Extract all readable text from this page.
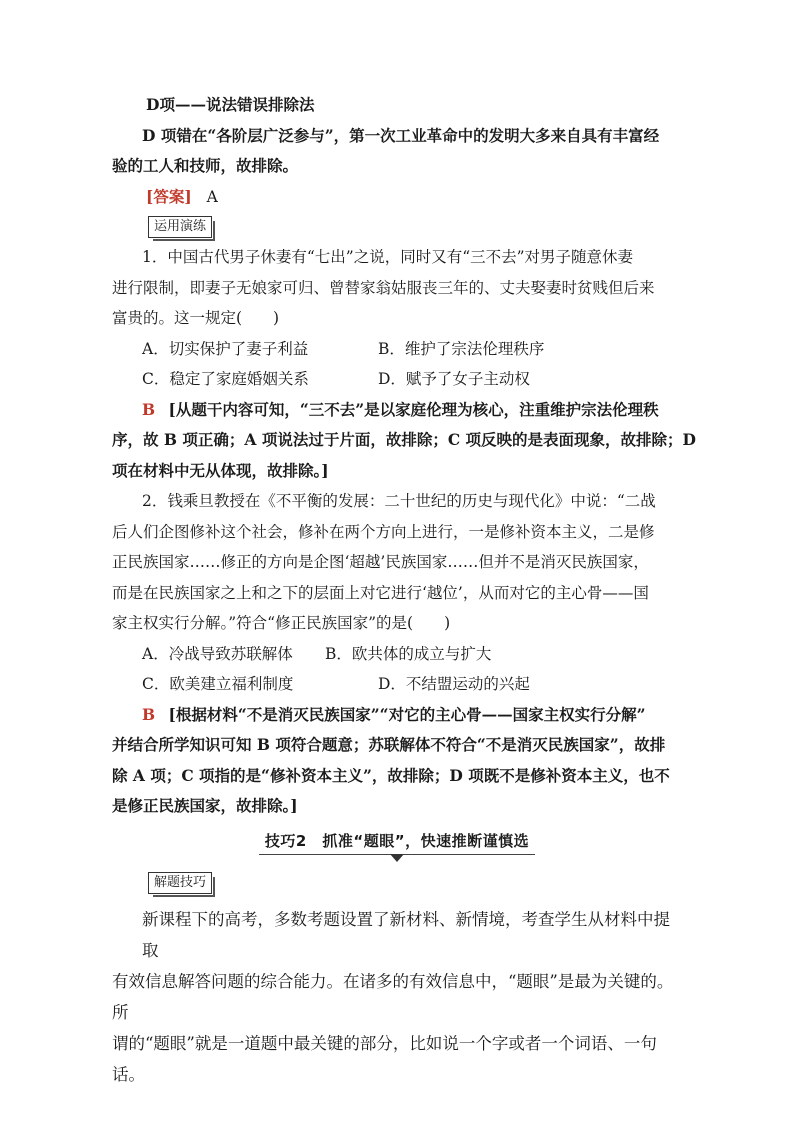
D项——说法错误排除法
D 项错在“各阶层广泛参与”，第一次工业革命中的发明大多来自具有丰富经
验的工人和技师，故排除。
[答案] A
运用演练
1．中国古代男子休妻有“七出”之说，同时又有“三不去”对男子随意休妻
进行限制，即妻子无娘家可归、曾替家翁姑服丧三年的、丈夫娶妻时贫贱但后来
富贵的。这一规定(　　)
A．切实保护了妻子利益	B．维护了宗法伦理秩序
C．稳定了家庭婚姻关系	D．赋予了女子主动权
B [从题干内容可知，“三不去”是以家庭伦理为核心，注重维护宗法伦理秩
序，故 B 项正确；A 项说法过于片面，故排除；C 项反映的是表面现象，故排除；D
项在材料中无从体现，故排除。]
2．钱乘旦教授在《不平衡的发展：二十世纪的历史与现代化》中说：“二战
后人们企图修补这个社会，修补在两个方向上进行，一是修补资本主义，二是修
正民族国家……修正的方向是企图‘超越’民族国家……但并不是消灭民族国家，
而是在民族国家之上和之下的层面上对它进行‘越位’，从而对它的主心骨——国
家主权实行分解。”符合“修正民族国家”的是(　　)
A．冷战导致苏联解体	B．欧共体的成立与扩大
C．欧美建立福利制度	D．不结盟运动的兴起
B [根据材料“不是消灭民族国家”“对它的主心骨——国家主权实行分解”
并结合所学知识可知 B 项符合题意；苏联解体不符合“不是消灭民族国家”，故排
除 A 项；C 项指的是“修补资本主义”，故排除；D 项既不是修补资本主义，也不
是修正民族国家，故排除。]
技巧2　抓准“题眼”，快速推断谨慎选
解题技巧
新课程下的高考，多数考题设置了新材料、新情境，考查学生从材料中提取
有效信息解答问题的综合能力。在诸多的有效信息中，“题眼”是最为关键的。所
谓的“题眼”就是一道题中最关键的部分，比如说一个字或者一个词语、一句话。
